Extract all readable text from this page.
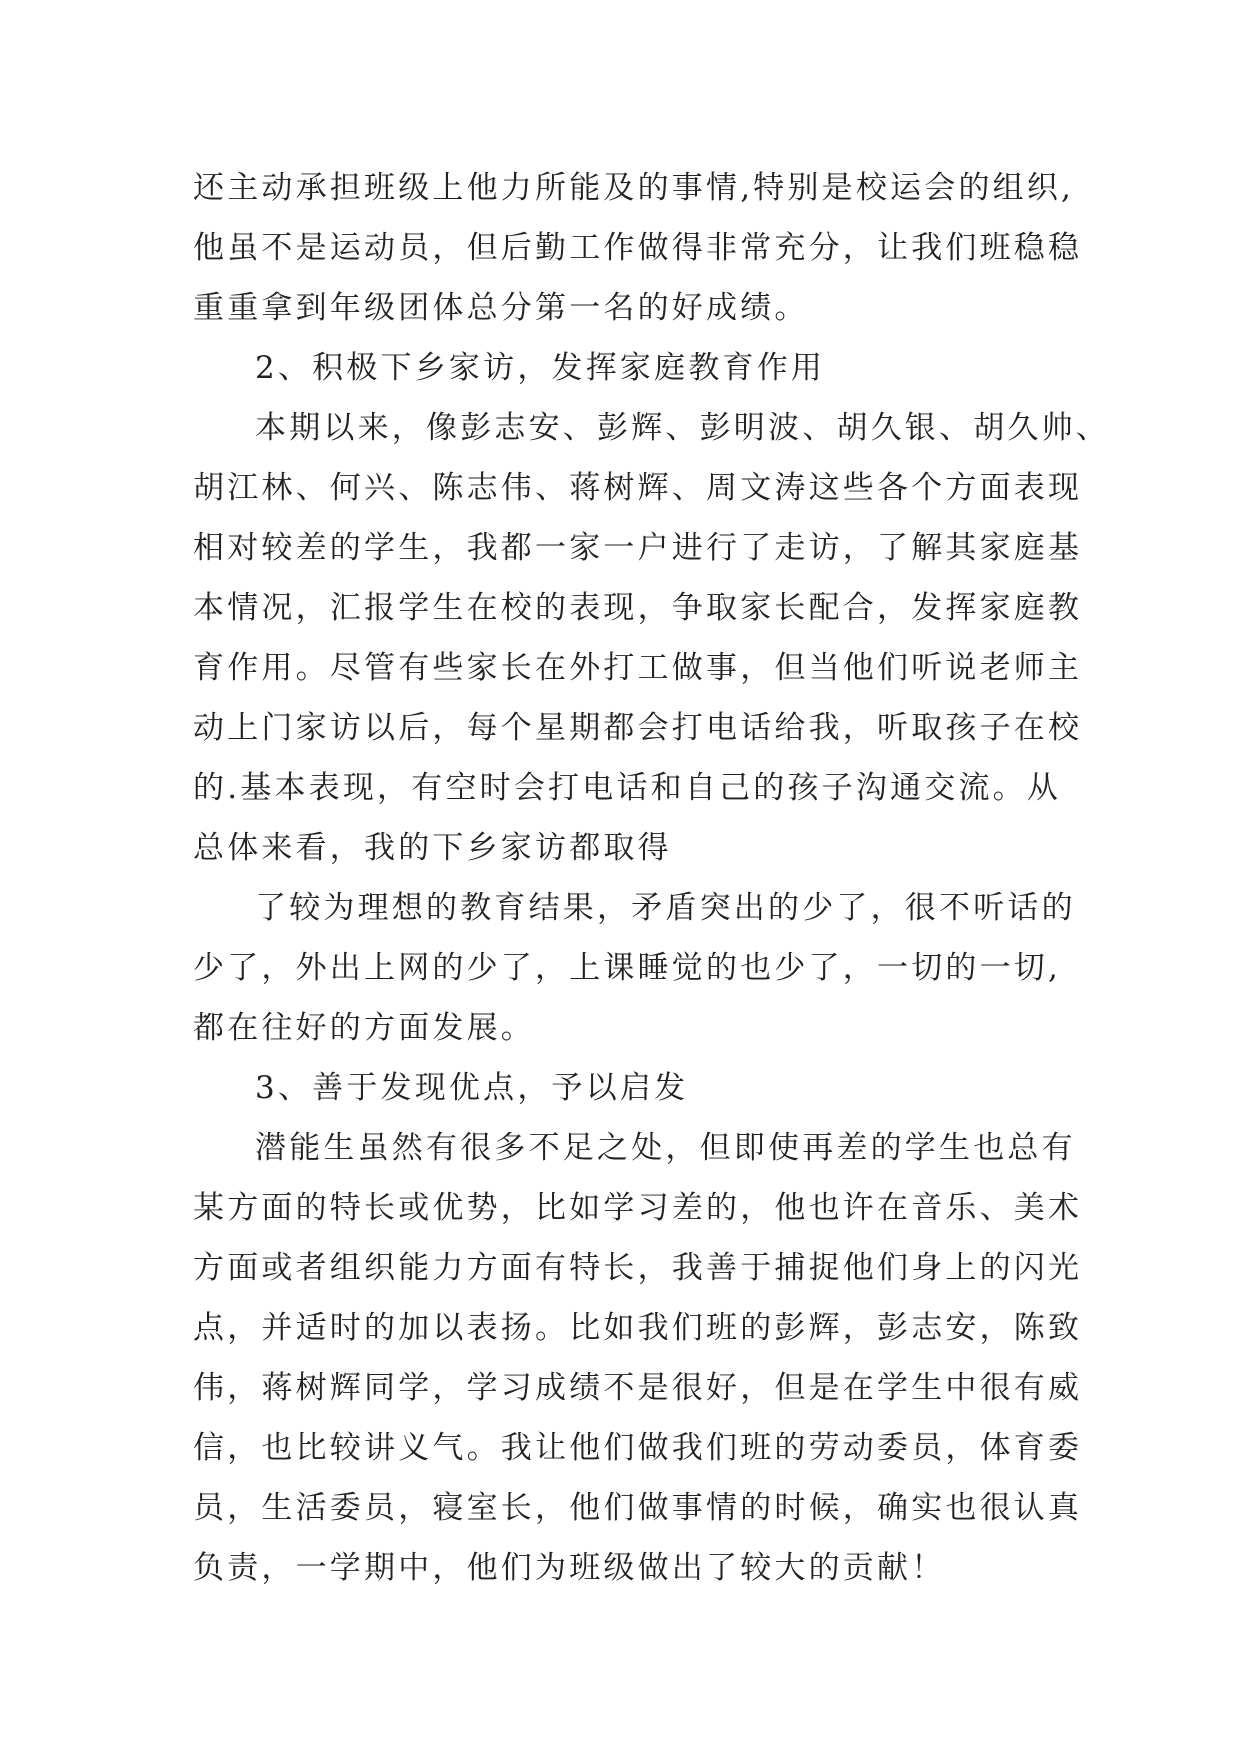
还主动承担班级上他力所能及的事情,特别是校运会的组织,
他虽不是运动员，但后勤工作做得非常充分，让我们班稳稳
重重拿到年级团体总分第一名的好成绩。
2、积极下乡家访，发挥家庭教育作用
本期以来，像彭志安、彭辉、彭明波、胡久银、胡久帅、
胡江林、何兴、陈志伟、蒋树辉、周文涛这些各个方面表现
相对较差的学生，我都一家一户进行了走访，了解其家庭基
本情况，汇报学生在校的表现，争取家长配合，发挥家庭教
育作用。尽管有些家长在外打工做事，但当他们听说老师主
动上门家访以后，每个星期都会打电话给我，听取孩子在校
的.基本表现，有空时会打电话和自己的孩子沟通交流。从
总体来看，我的下乡家访都取得
了较为理想的教育结果，矛盾突出的少了，很不听话的
少了，外出上网的少了，上课睡觉的也少了，一切的一切,
都在往好的方面发展。
3、善于发现优点，予以启发
潜能生虽然有很多不足之处，但即使再差的学生也总有
某方面的特长或优势，比如学习差的，他也许在音乐、美术
方面或者组织能力方面有特长，我善于捕捉他们身上的闪光
点，并适时的加以表扬。比如我们班的彭辉，彭志安，陈致
伟，蒋树辉同学，学习成绩不是很好，但是在学生中很有威
信，也比较讲义气。我让他们做我们班的劳动委员，体育委
员，生活委员，寝室长，他们做事情的时候，确实也很认真
负责，一学期中，他们为班级做出了较大的贡献！
